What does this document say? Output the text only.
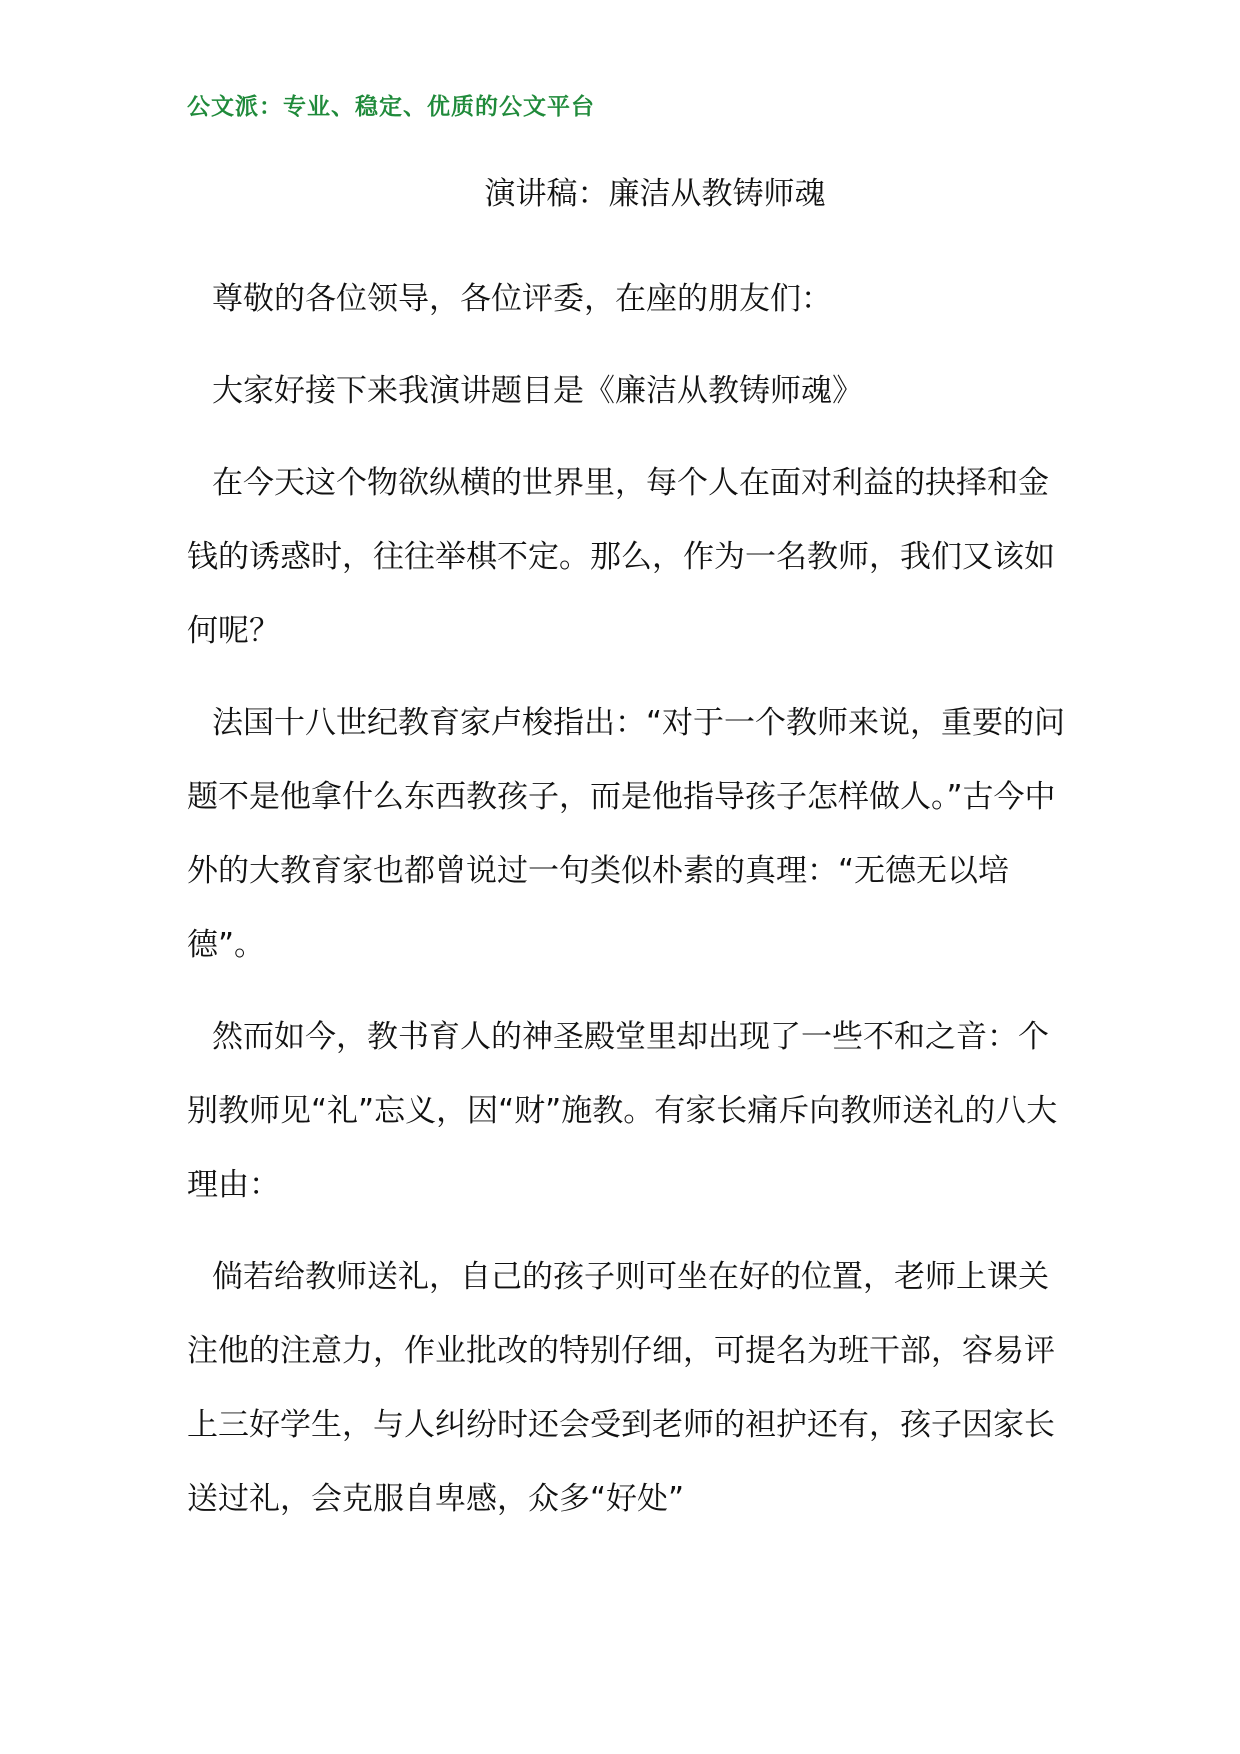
公文派：专业、稳定、优质的公文平台
演讲稿：廉洁从教铸师魂

尊敬的各位领导，各位评委，在座的朋友们：

大家好接下来我演讲题目是《廉洁从教铸师魂》

在今天这个物欲纵横的世界里，每个人在面对利益的抉择和金钱的诱惑时，往往举棋不定。那么，作为一名教师，我们又该如何呢？

法国十八世纪教育家卢梭指出：“对于一个教师来说，重要的问题不是他拿什么东西教孩子，而是他指导孩子怎样做人。”古今中外的大教育家也都曾说过一句类似朴素的真理：“无德无以培德”。

然而如今，教书育人的神圣殿堂里却出现了一些不和之音：个别教师见“礼”忘义，因“财”施教。有家长痛斥向教师送礼的八大理由：

倘若给教师送礼，自己的孩子则可坐在好的位置，老师上课关注他的注意力，作业批改的特别仔细，可提名为班干部，容易评上三好学生，与人纠纷时还会受到老师的袒护还有，孩子因家长送过礼，会克服自卑感，众多“好处”
